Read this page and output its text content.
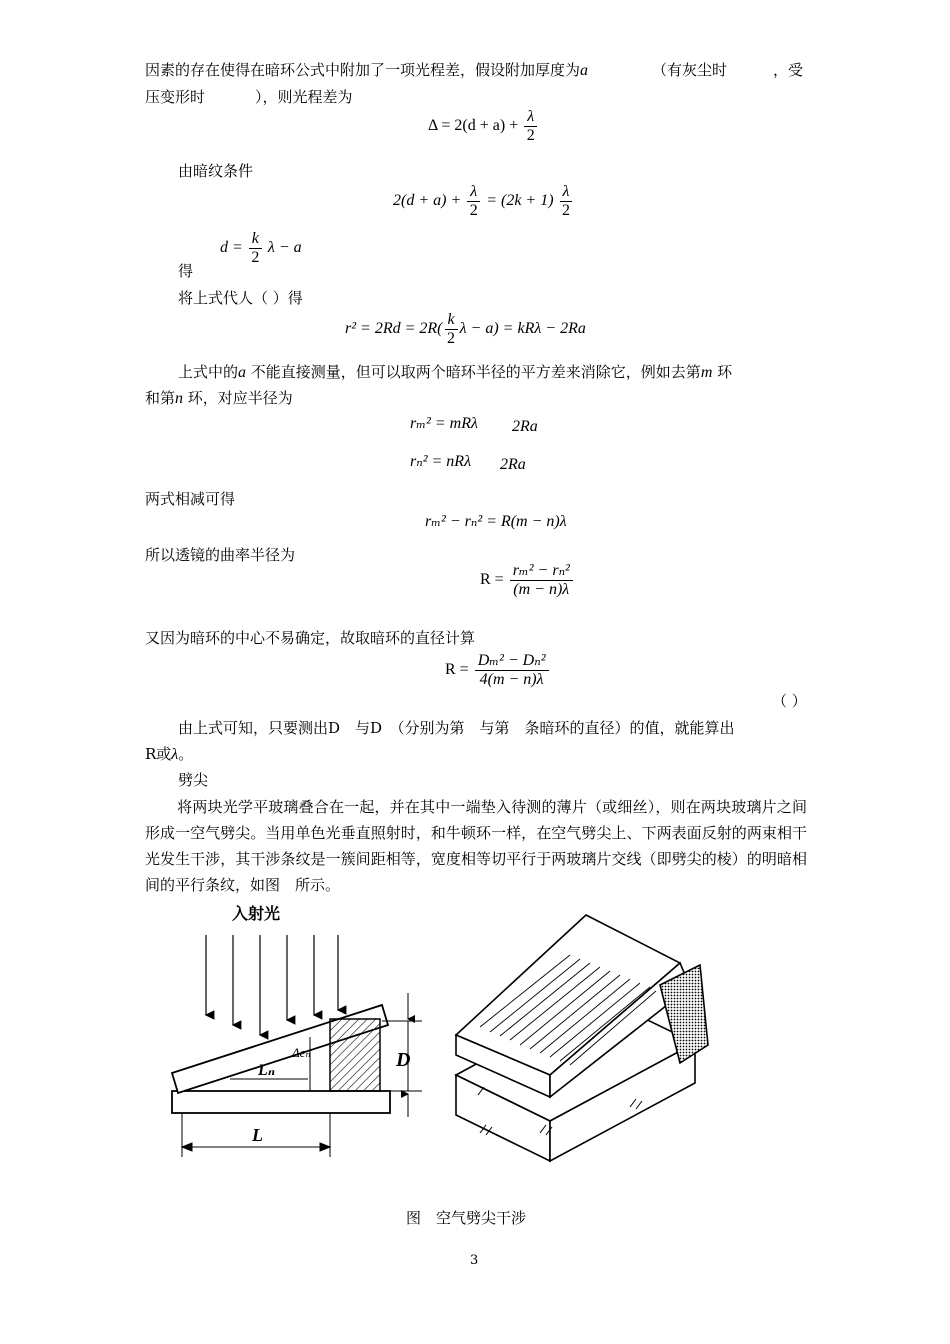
因素的存在使得在暗环公式中附加了一项光程差，假设附加厚度为a	（有灰尘时	，受
压变形时	），则光程差为
$\Delta = 2(d + a) + \frac{\lambda}{2}$
由暗纹条件
$2(d + a) + \frac{\lambda}{2} = (2k + 1) \frac{\lambda}{2}$
$d = \frac{k}{2}$ λ − a
得
将上式代人（ ）得
$r^2 = 2Rd = 2R( \frac{k}{2}$ λ − a) = kRλ − 2Ra
上式中的a 不能直接测量，但可以取两个暗环半径的平方差来消除它，例如去第m 环
和第n 环，对应半径为
rₘ² = mRλ 2Ra
rₙ² = nRλ 2Ra
两式相减可得
rₘ² − rₙ² = R(m − n)λ
所以透镜的曲率半径为
$R = \frac{\text{rₘ² − rₙ²}}{(m - n)\lambda}$
又因为暗环的中心不易确定，故取暗环的直径计算
$R = \frac{\text{Dₘ² − Dₙ²}}{4(m - n)\lambda}$
（ ）
由上式可知，只要测出D　与D　（分别为第　与第　条暗环的直径）的值，就能算出
R或λ。
劈尖
将两块光学平玻璃叠合在一起，并在其中一端垫入待测的薄片（或细丝），则在两块玻璃片之间形成一空气劈尖。当用单色光垂直照射时，和牛顿环一样，在空气劈尖上、下两表面反射的两束相干光发生干涉，其干涉条纹是一簇间距相等，宽度相等切平行于两玻璃片交线（即劈尖的棱）的明暗相间的平行条纹，如图　所示。
入射光
D
Δeₙ
Lₙ
L
图　空气劈尖干涉
3
